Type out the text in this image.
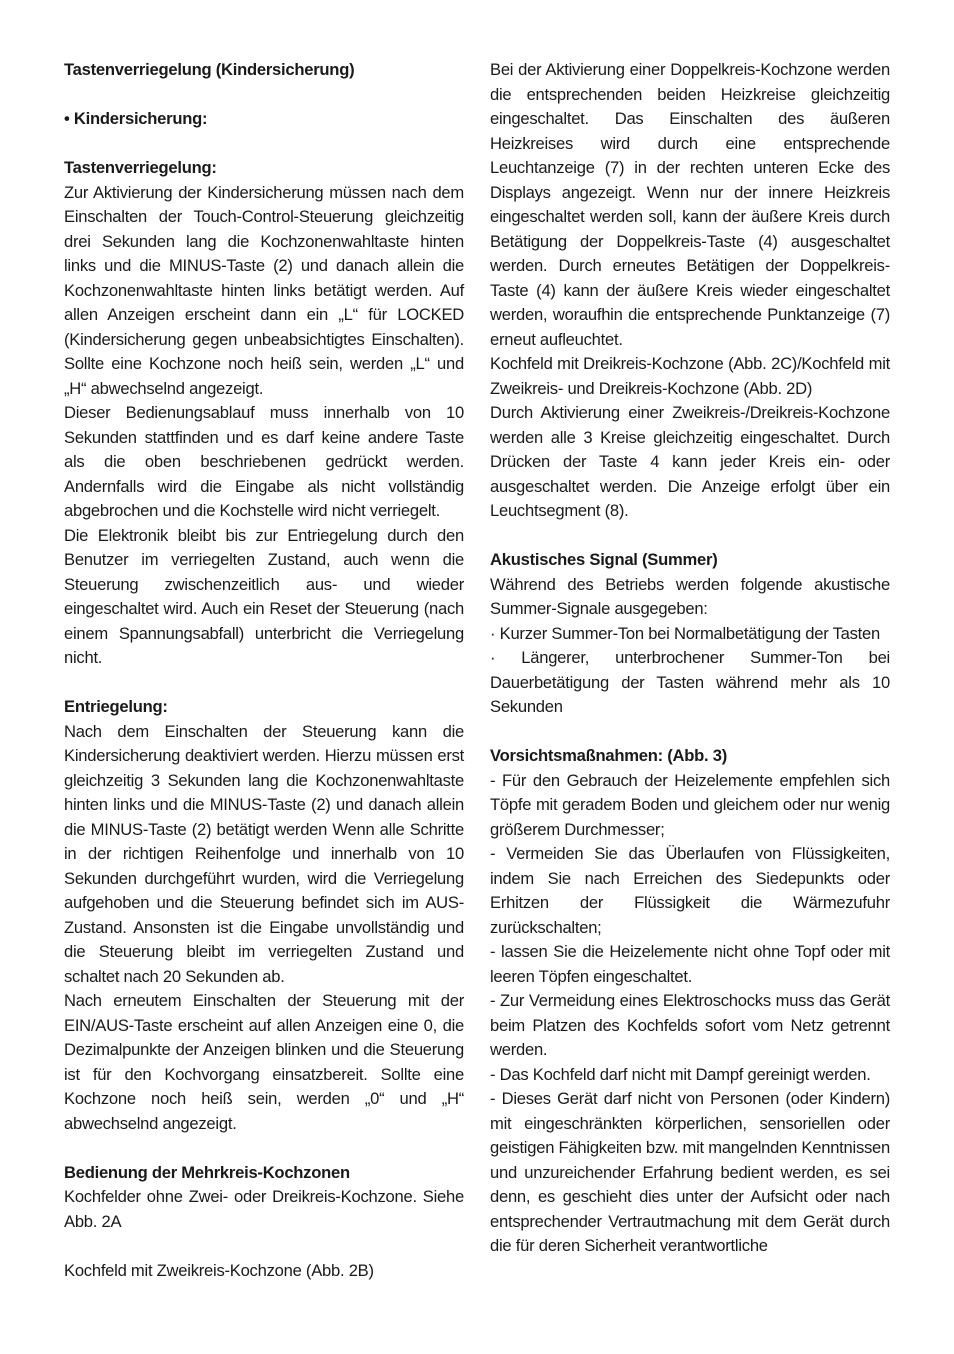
Tastenverriegelung (Kindersicherung)

• Kindersicherung:

Tastenverriegelung:

Zur Aktivierung der Kindersicherung müssen nach dem Einschalten der Touch-Control-Steuerung gleichzeitig drei Sekunden lang die Kochzonenwahltaste hinten links und die MINUS-Taste (2) und danach allein die Kochzonenwahltaste hinten links betätigt werden. Auf allen Anzeigen erscheint dann ein „L“ für LOCKED (Kindersicherung gegen unbeabsichtigtes Einschalten). Sollte eine Kochzone noch heiß sein, werden „L“ und „H“ abwechselnd angezeigt.

Dieser Bedienungsablauf muss innerhalb von 10 Sekunden stattfinden und es darf keine andere Taste als die oben beschriebenen gedrückt werden. Andernfalls wird die Eingabe als nicht vollständig abgebrochen und die Kochstelle wird nicht verriegelt.

Die Elektronik bleibt bis zur Entriegelung durch den Benutzer im verriegelten Zustand, auch wenn die Steuerung zwischenzeitlich aus- und wieder eingeschaltet wird. Auch ein Reset der Steuerung (nach einem Spannungsabfall) unterbricht die Verriegelung nicht.

Entriegelung:

Nach dem Einschalten der Steuerung kann die Kindersicherung deaktiviert werden. Hierzu müssen erst gleichzeitig 3 Sekunden lang die Kochzonenwahltaste hinten links und die MINUS-Taste (2) und danach allein die MINUS-Taste (2) betätigt werden Wenn alle Schritte in der richtigen Reihenfolge und innerhalb von 10 Sekunden durchgeführt wurden, wird die Verriegelung aufgehoben und die Steuerung befindet sich im AUS-Zustand. Ansonsten ist die Eingabe unvollständig und die Steuerung bleibt im verriegelten Zustand und schaltet nach 20 Sekunden ab.

Nach erneutem Einschalten der Steuerung mit der EIN/AUS-Taste erscheint auf allen Anzeigen eine 0, die Dezimalpunkte der Anzeigen blinken und die Steuerung ist für den Kochvorgang einsatzbereit. Sollte eine Kochzone noch heiß sein, werden „0“ und „H“ abwechselnd angezeigt.

Bedienung der Mehrkreis-Kochzonen

Kochfelder ohne Zwei- oder Dreikreis-Kochzone. Siehe Abb. 2A

Kochfeld mit Zweikreis-Kochzone (Abb. 2B)

Bei der Aktivierung einer Doppelkreis-Kochzone werden die entsprechenden beiden Heizkreise gleichzeitig eingeschaltet. Das Einschalten des äußeren Heizkreises wird durch eine entsprechende Leuchtanzeige (7) in der rechten unteren Ecke des Displays angezeigt. Wenn nur der innere Heizkreis eingeschaltet werden soll, kann der äußere Kreis durch Betätigung der Doppelkreis-Taste (4) ausgeschaltet werden. Durch erneutes Betätigen der Doppelkreis-Taste (4) kann der äußere Kreis wieder eingeschaltet werden, woraufhin die entsprechende Punktanzeige (7) erneut aufleuchtet.

Kochfeld mit Dreikreis-Kochzone (Abb. 2C)/Kochfeld mit Zweikreis- und Dreikreis-Kochzone (Abb. 2D)

Durch Aktivierung einer Zweikreis-/Dreikreis-Kochzone werden alle 3 Kreise gleichzeitig eingeschaltet. Durch Drücken der Taste 4 kann jeder Kreis ein- oder ausgeschaltet werden. Die Anzeige erfolgt über ein Leuchtsegment (8).

Akustisches Signal (Summer)

Während des Betriebs werden folgende akustische Summer-Signale ausgegeben:

· Kurzer Summer-Ton bei Normalbetätigung der Tasten

· Längerer, unterbrochener Summer-Ton bei Dauerbetätigung der Tasten während mehr als 10 Sekunden

Vorsichtsmaßnahmen: (Abb. 3)

- Für den Gebrauch der Heizelemente empfehlen sich Töpfe mit geradem Boden und gleichem oder nur wenig größerem Durchmesser;

- Vermeiden Sie das Überlaufen von Flüssigkeiten, indem Sie nach Erreichen des Siedepunkts oder Erhitzen der Flüssigkeit die Wärmezufuhr zurückschalten;

- lassen Sie die Heizelemente nicht ohne Topf oder mit leeren Töpfen eingeschaltet.

- Zur Vermeidung eines Elektroschocks muss das Gerät beim Platzen des Kochfelds sofort vom Netz getrennt werden.

- Das Kochfeld darf nicht mit Dampf gereinigt werden.

- Dieses Gerät darf nicht von Personen (oder Kindern) mit eingeschränkten körperlichen, sensoriellen oder geistigen Fähigkeiten bzw. mit mangelnden Kenntnissen und unzureichender Erfahrung bedient werden, es sei denn, es geschieht dies unter der Aufsicht oder nach entsprechender Vertrautmachung mit dem Gerät durch die für deren Sicherheit verantwortliche
